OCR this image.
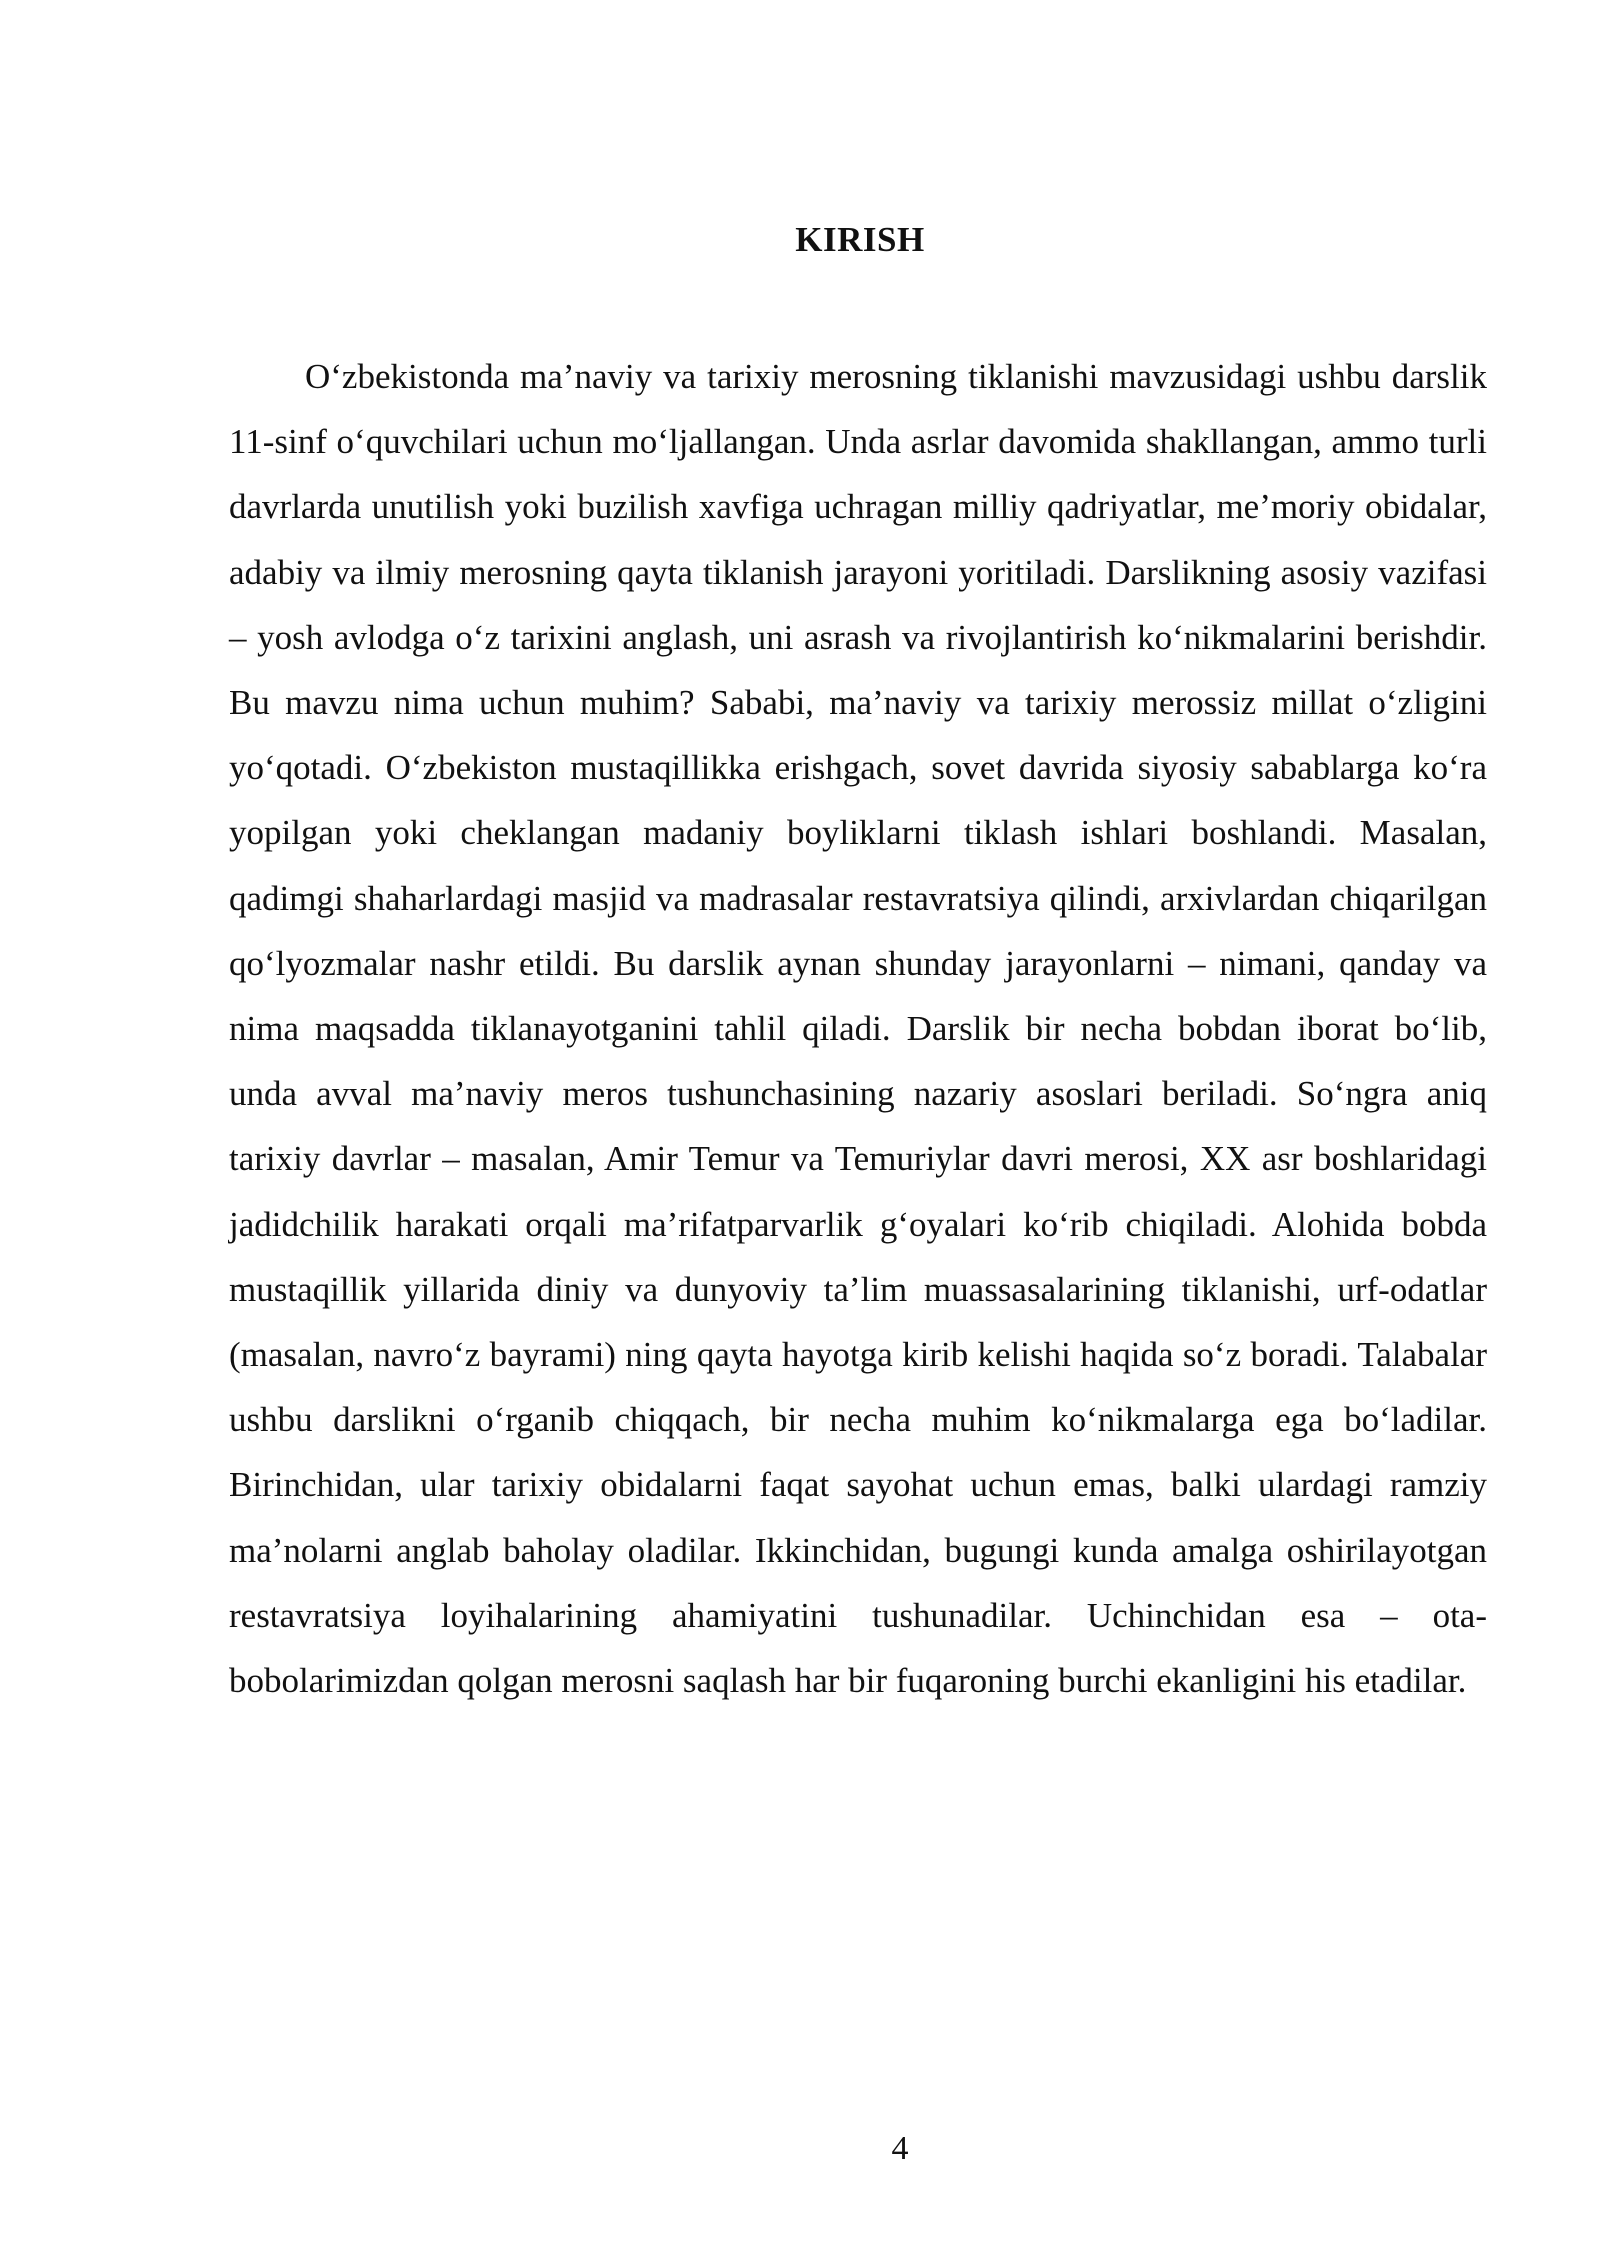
KIRISH

O‘zbekistonda ma’naviy va tarixiy merosning tiklanishi mavzusidagi ushbu darslik 11-sinf o‘quvchilari uchun mo‘ljallangan. Unda asrlar davomida shakllangan, ammo turli davrlarda unutilish yoki buzilish xavfiga uchragan milliy qadriyatlar, me’moriy obidalar, adabiy va ilmiy merosning qayta tiklanish jarayoni yoritiladi. Darslikning asosiy vazifasi – yosh avlodga o‘z tarixini anglash, uni asrash va rivojlantirish ko‘nikmalarini berishdir. Bu mavzu nima uchun muhim? Sababi, ma’naviy va tarixiy merossiz millat o‘zligini yo‘qotadi. O‘zbekiston mustaqillikka erishgach, sovet davrida siyosiy sabablarga ko‘ra yopilgan yoki cheklangan madaniy boyliklarni tiklash ishlari boshlandi. Masalan, qadimgi shaharlardagi masjid va madrasalar restavratsiya qilindi, arxivlardan chiqarilgan qo‘lyozmalar nashr etildi. Bu darslik aynan shunday jarayonlarni – nimani, qanday va nima maqsadda tiklanayotganini tahlil qiladi. Darslik bir necha bobdan iborat bo‘lib, unda avval ma’naviy meros tushunchasining nazariy asoslari beriladi. So‘ngra aniq tarixiy davrlar – masalan, Amir Temur va Temuriylar davri merosi, XX asr boshlaridagi jadidchilik harakati orqali ma’rifatparvarlik g‘oyalari ko‘rib chiqiladi. Alohida bobda mustaqillik yillarida diniy va dunyoviy ta’lim muassasalarining tiklanishi, urf-odatlar (masalan, navro‘z bayrami) ning qayta hayotga kirib kelishi haqida so‘z boradi. Talabalar ushbu darslikni o‘rganib chiqqach, bir necha muhim ko‘nikmalarga ega bo‘ladilar. Birinchidan, ular tarixiy obidalarni faqat sayohat uchun emas, balki ulardagi ramziy ma’nolarni anglab baholay oladilar. Ikkinchidan, bugungi kunda amalga oshirilayotgan restavratsiya loyihalarining ahamiyatini tushunadilar. Uchinchidan esa – ota-bobolarimizdan qolgan merosni saqlash har bir fuqaroning burchi ekanligini his etadilar.

4
